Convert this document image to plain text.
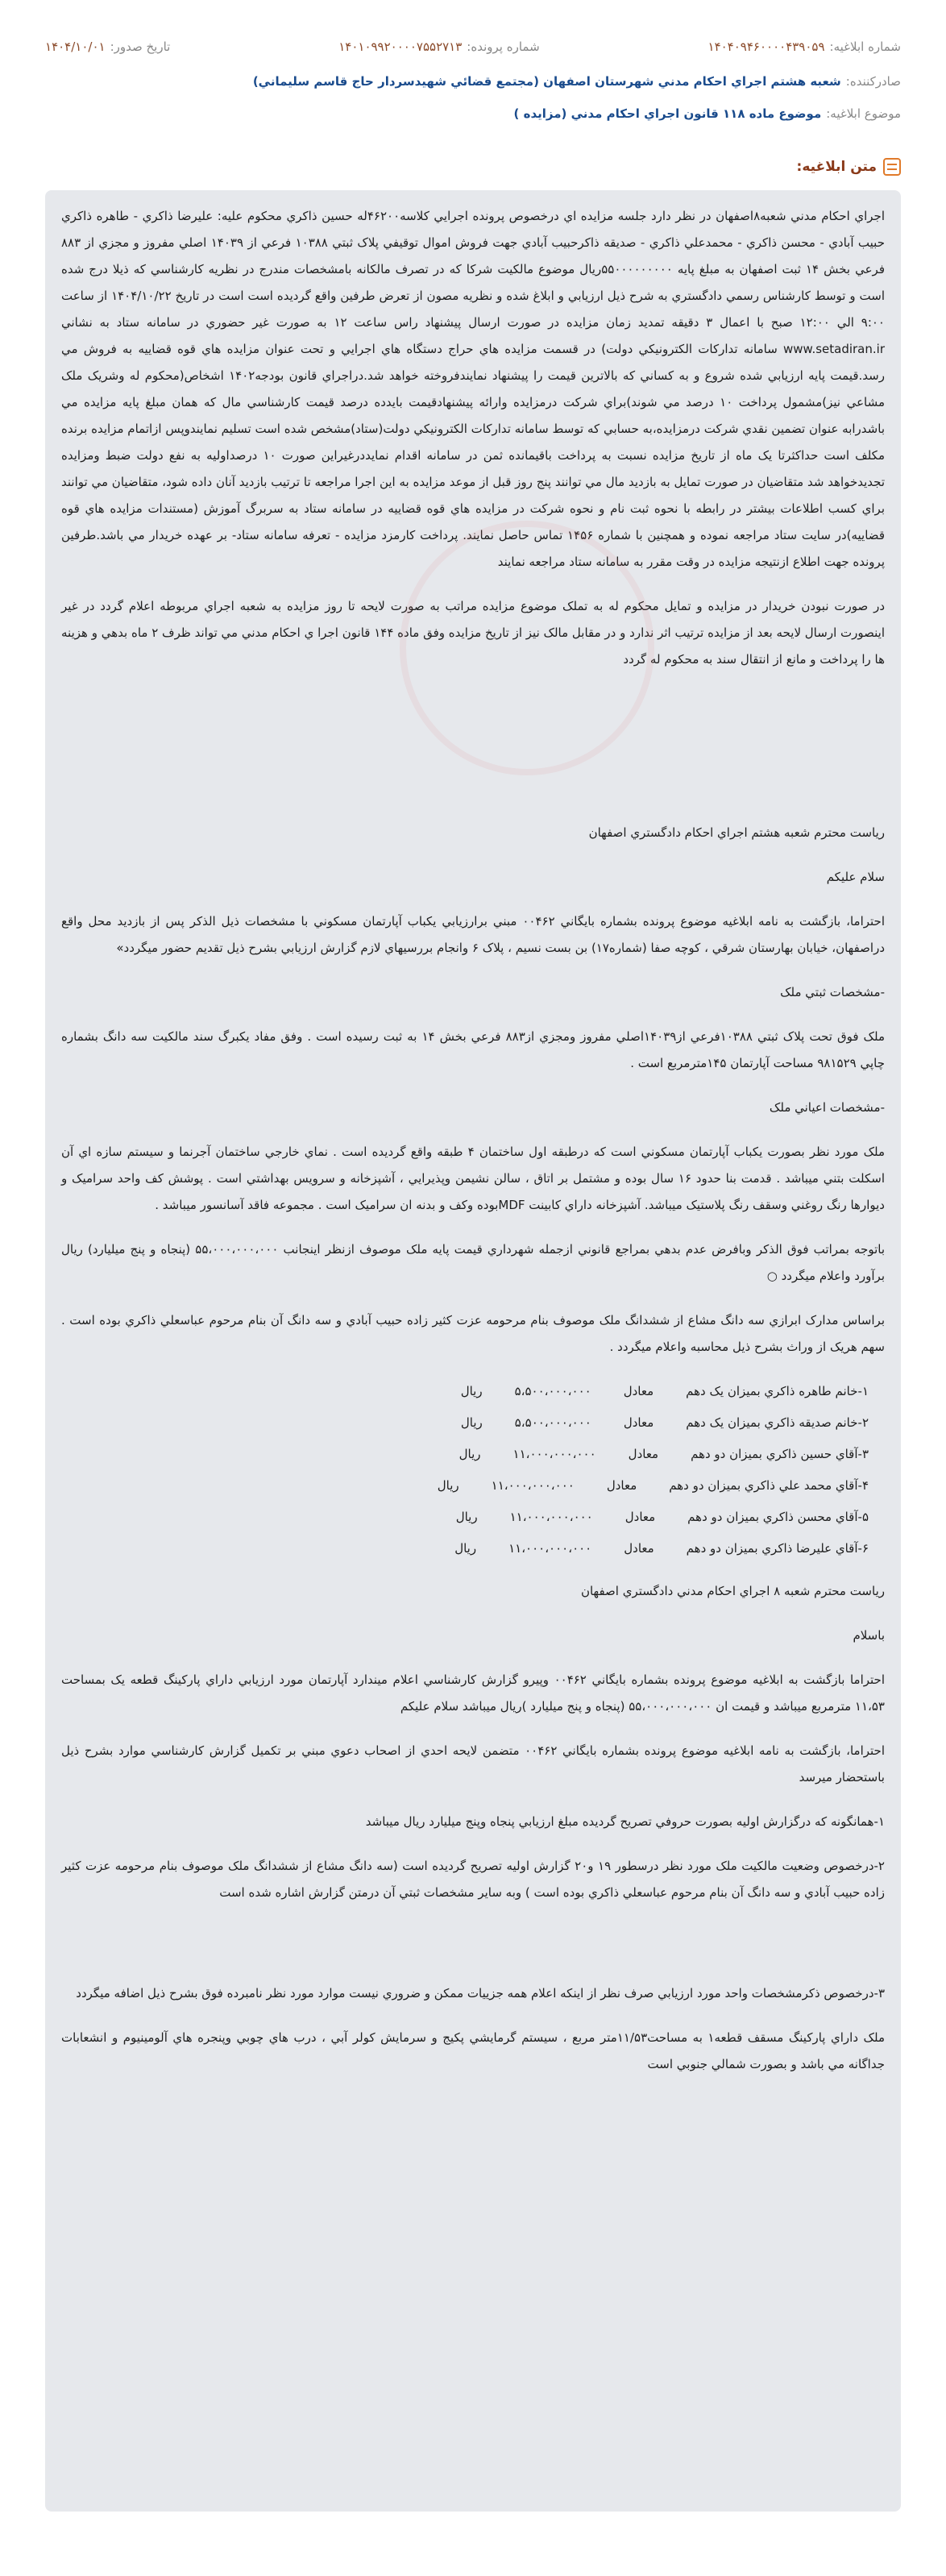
شماره ابلاغيه:۱۴۰۴۰۹۴۶۰۰۰۰۴۳۹۰۵۹
شماره پرونده:۱۴۰۱۰۹۹۲۰۰۰۰۷۵۵۲۷۱۳
تاريخ صدور:۱۴۰۴/۱۰/۰۱
صادرکننده:شعبه هشتم اجراي احکام مدني شهرستان اصفهان (مجتمع قضائي شهيدسردار حاج قاسم سليماني)
موضوع ابلاغيه:موضوع ماده ۱۱۸ قانون اجراي احکام مدني (مزايده )
متن ابلاغيه:

اجراي احکام مدني شعبه۸اصفهان در نظر دارد جلسه مزايده اي درخصوص پرونده اجرايي کلاسه۴۶۲۰۰له حسين ذاکري محکوم عليه: عليرضا ذاکري - طاهره ذاکري حبيب آبادي - محسن ذاکري - محمدعلي ذاکري - صديقه ذاکرحبيب آبادي جهت فروش اموال توقيفي پلاک ثبتي ۱۰۳۸۸ فرعي از ۱۴۰۳۹ اصلي مفروز و مجزي از ۸۸۳ فرعي بخش ۱۴ ثبت اصفهان به مبلغ پايه ۵۵۰۰۰۰۰۰۰۰۰ريال موضوع مالکيت شرکا که در تصرف مالکانه بامشخصات مندرج در نظريه کارشناسي که ذيلا درج شده است و توسط کارشناس رسمي دادگستري به شرح ذيل ارزيابي و ابلاغ شده و نظريه مصون از تعرض طرفين واقع گرديده است است در تاريخ ۱۴۰۴/۱۰/۲۲ از ساعت ۹:۰۰ الي ۱۲:۰۰ صبح با اعمال ۳ دقيقه تمديد زمان مزايده در صورت ارسال پيشنهاد راس ساعت ۱۲ به صورت غير حضوري در سامانه ستاد به نشاني www.setadiran.ir سامانه تدارکات الکترونيکي دولت) در قسمت مزايده هاي حراج دستگاه هاي اجرايي و تحت عنوان مزايده هاي قوه قضاييه به فروش مي رسد.قيمت پايه ارزيابي شده شروع و به کساني که بالاترين قيمت را پيشنهاد نمايندفروخته خواهد شد.دراجراي قانون بودجه۱۴۰۲ اشخاص(محکوم له وشريک ملک مشاعي نيز)مشمول پرداخت ۱۰ درصد مي شوند)براي شرکت درمزايده وارائه پيشنهادقيمت بايدده درصد قيمت کارشناسي مال که همان مبلغ پايه مزايده مي باشدرابه عنوان تضمين نقدي شرکت درمزايده،به حسابي که توسط سامانه تدارکات الکترونيکي دولت(ستاد)مشخص شده است تسليم نمايندوپس ازاتمام مزايده برنده مکلف است حداکثرتا يک ماه از تاريخ مزايده نسبت به پرداخت باقيمانده ثمن در سامانه اقدام نمايددرغيراين صورت ۱۰ درصداوليه به نفع دولت ضبط ومزايده تجديدخواهد شد متقاضيان در صورت تمايل به بازديد مال مي توانند پنج روز قبل از موعد مزايده به اين اجرا مراجعه تا ترتيب بازديد آنان داده شود، متقاضيان مي توانند براي کسب اطلاعات بيشتر در رابطه با نحوه ثبت نام و نحوه شرکت در مزايده هاي قوه قضاييه در سامانه ستاد به سربرگ آموزش (مستندات مزايده هاي قوه قضاييه)در سايت ستاد مراجعه نموده و همچنين با شماره ۱۴۵۶ تماس حاصل نمايند. پرداخت کارمزد مزايده - تعرفه سامانه ستاد- بر عهده خريدار مي باشد.طرفين پرونده جهت اطلاع ازنتيجه مزايده در وقت مقرر به سامانه ستاد مراجعه نمايند

در صورت نبودن خريدار در مزايده و تمايل محکوم له به تملک موضوع مزايده مراتب به صورت لايحه تا روز مزايده به شعبه اجراي مربوطه اعلام گردد در غير اينصورت ارسال لايحه بعد از مزايده ترتيب اثر ندارد و در مقابل مالک نيز از تاريخ مزايده وفق ماده ۱۴۴ قانون اجرا ي احکام مدني مي تواند ظرف ۲ ماه بدهي و هزينه ها را پرداخت و مانع از انتقال سند به محکوم له گردد

رياست محترم شعبه هشتم اجراي احکام دادگستري اصفهان

سلام عليکم

احتراما، بازگشت به نامه ابلاغيه موضوع پرونده بشماره بايگاني ۰۰۴۶۲ مبني برارزيابي يکباب آپارتمان مسکوني با مشخصات ذيل الذکر پس از بازديد محل واقع دراصفهان، خيابان بهارستان شرقي ، کوچه صفا (شماره۱۷) بن بست نسيم ، پلاک ۶ وانجام بررسيهاي لازم گزارش ارزيابي بشرح ذيل تقديم حضور ميگردد»

-مشخصات ثبتي ملک

ملک فوق تحت پلاک ثبتي ۱۰۳۸۸فرعي از۱۴۰۳۹اصلي مفروز ومجزي از۸۸۳ فرعي بخش ۱۴ به ثبت رسيده است . وفق مفاد يکبرگ سند مالکيت سه دانگ بشماره چاپي ۹۸۱۵۲۹ مساحت آپارتمان ۱۴۵مترمربع است .

-مشخصات اعياني ملک

ملک مورد نظر بصورت يکباب آپارتمان مسکوني است که درطبقه اول ساختمان ۴ طبقه واقع گرديده است . نماي خارجي ساختمان آجرنما و سيستم سازه اي آن اسکلت بتني ميباشد . قدمت بنا حدود ۱۶ سال بوده و مشتمل بر اتاق ، سالن نشيمن وپذيرايي ، آشپزخانه و سرويس بهداشتي است . پوشش کف واحد سراميک و ديوارها رنگ روغني وسقف رنگ پلاستيک ميباشد. آشپزخانه داراي کابينت MDFبوده وکف و بدنه ان سراميک است . مجموعه فاقد آسانسور ميباشد .

باتوجه بمراتب فوق الذکر وبافرض عدم بدهي بمراجع قانوني ازجمله شهرداري قيمت پايه ملک موصوف ازنظر اينجانب ۵۵،۰۰۰،۰۰۰،۰۰۰ (پنجاه و پنج ميليارد) ريال برآورد واعلام ميگردد ○

براساس مدارک ابرازي سه دانگ مشاع از ششدانگ ملک موصوف بنام مرحومه عزت کثير زاده حبيب آبادي و سه دانگ آن بنام مرحوم عباسعلي ذاکري بوده است . سهم هريک از وراث بشرح ذيل محاسبه واعلام ميگردد .

۱-خانم طاهره ذاکري بميزان يک دهم
معادل
۵،۵۰۰،۰۰۰،۰۰۰
ريال
۲-خانم صديقه ذاکري بميزان يک دهم
معادل
۵،۵۰۰،۰۰۰،۰۰۰
ريال
۳-آقاي حسين ذاکري بميزان دو دهم
معادل
۱۱،۰۰۰،۰۰۰،۰۰۰
ريال
۴-آقاي محمد علي ذاکري بميزان دو دهم
معادل
۱۱،۰۰۰،۰۰۰،۰۰۰
ريال
۵-آقاي محسن ذاکري بميزان دو دهم
معادل
۱۱،۰۰۰،۰۰۰،۰۰۰
ريال
۶-آقاي عليرضا ذاکري بميزان دو دهم
معادل
۱۱،۰۰۰،۰۰۰،۰۰۰
ريال

رياست محترم شعبه ۸ اجراي احکام مدني دادگستري اصفهان

باسلام

احتراما بازگشت به ابلاغيه موضوع پرونده بشماره بايگاني ۰۰۴۶۲ وپيرو گزارش کارشناسي اعلام ميندارد آپارتمان مورد ارزيابي داراي پارکينگ قطعه يک بمساحت ۱۱،۵۳ مترمربع ميباشد و قيمت ان ۵۵،۰۰۰،۰۰۰،۰۰۰ (پنجاه و پنج ميليارد )ريال ميباشد سلام عليکم

احتراما، بازگشت به نامه ابلاغيه موضوع پرونده بشماره بايگاني ۰۰۴۶۲ متضمن لايحه احدي از اصحاب دعوي مبني بر تکميل گزارش کارشناسي موارد بشرح ذيل باستحضار ميرسد

۱-همانگونه که درگزارش اوليه بصورت حروفي تصريح گرديده مبلغ ارزيابي پنجاه وپنج ميليارد ريال ميباشد

۲-درخصوص وضعيت مالکيت ملک مورد نظر درسطور ۱۹ و۲۰ گزارش اوليه تصريح گرديده است (سه دانگ مشاع از ششدانگ ملک موصوف بنام مرحومه عزت کثير زاده حبيب آبادي و سه دانگ آن بنام مرحوم عباسعلي ذاکري بوده است ) وبه ساير مشخصات ثبتي آن درمتن گزارش اشاره شده است

۳-درخصوص ذکرمشخصات واحد مورد ارزيابي صرف نظر از اينکه اعلام همه جزييات ممکن و ضروري نيست موارد مورد نظر نامبرده فوق بشرح ذيل اضافه ميگردد

ملک داراي پارکينگ مسقف قطعه۱ به مساحت۱۱/۵۳متر مربع ، سيستم گرمايشي پکيج و سرمايش کولر آبي ، درب هاي چوبي وپنجره هاي آلومينيوم و انشعابات جداگانه مي باشد و بصورت شمالي جنوبي است
